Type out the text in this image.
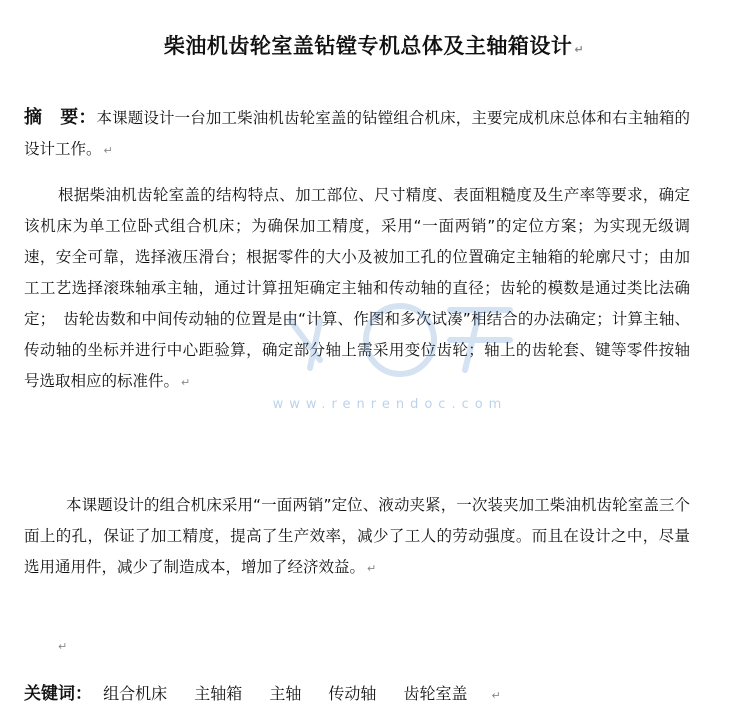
柴油机齿轮室盖钻镗专机总体及主轴箱设计 ↵
摘　要：本课题设计一台加工柴油机齿轮室盖的钻镗组合机床，主要完成机床总体和右主轴箱的设计工作。 ↵
根据柴油机齿轮室盖的结构特点、加工部位、尺寸精度、表面粗糙度及生产率等要求，确定该机床为单工位卧式组合机床；为确保加工精度，采用“一面两销”的定位方案；为实现无级调速，安全可靠，选择液压滑台；根据零件的大小及被加工孔的位置确定主轴箱的轮廓尺寸；由加工工艺选择滚珠轴承主轴，通过计算扭矩确定主轴和传动轴的直径；齿轮的模数是通过类比法确定；　齿轮齿数和中间传动轴的位置是由“计算、作图和多次试凑”相结合的办法确定；计算主轴、传动轴的坐标并进行中心距验算，确定部分轴上需采用变位齿轮；轴上的齿轮套、键等零件按轴号选取相应的标准件。 ↵
本课题设计的组合机床采用“一面两销”定位、液动夹紧，一次装夹加工柴油机齿轮室盖三个面上的孔，保证了加工精度，提高了生产效率，减少了工人的劳动强度。而且在设计之中，尽量选用通用件，减少了制造成本，增加了经济效益。 ↵
↵
关键词： 组合机床 主轴箱 主轴 传动轴 齿轮室盖 ↵
www.renrendoc.com
